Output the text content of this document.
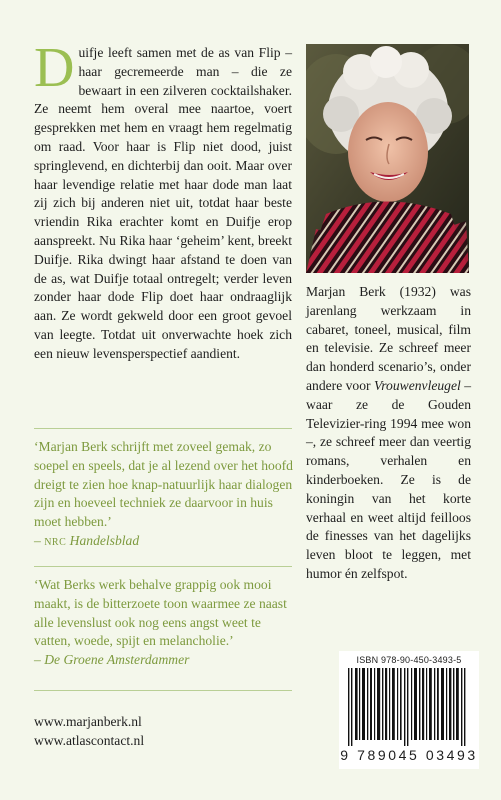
Duifje leeft samen met de as van Flip – haar gecremeerde man – die ze bewaart in een zilveren cocktailshaker. Ze neemt hem overal mee naartoe, voert gesprekken met hem en vraagt hem regelmatig om raad. Voor haar is Flip niet dood, juist springlevend, en dichterbij dan ooit. Maar over haar levendige relatie met haar dode man laat zij zich bij anderen niet uit, totdat haar beste vriendin Rika erachter komt en Duifje erop aanspreekt. Nu Rika haar ‘geheim’ kent, breekt Duifje. Rika dwingt haar afstand te doen van de as, wat Duifje totaal ontregelt; verder leven zonder haar dode Flip doet haar ondraaglijk aan. Ze wordt gekweld door een groot gevoel van leegte. Totdat uit onverwachte hoek zich een nieuw levensperspectief aandient.
‘Marjan Berk schrijft met zoveel gemak, zo soepel en speels, dat je al lezend over het hoofd dreigt te zien hoe knap-natuurlijk haar dialogen zijn en hoeveel techniek ze daarvoor in huis moet hebben.’
– nrc Handelsblad
‘Wat Berks werk behalve grappig ook mooi maakt, is de bitterzoete toon waarmee ze naast alle levenslust ook nog eens angst weet te vatten, woede, spijt en melancholie.’
– De Groene Amsterdammer
www.marjanberk.nl
www.atlascontact.nl
Marjan Berk (1932) was jarenlang werkzaam in cabaret, toneel, musical, film en televisie. Ze schreef meer dan honderd scenario’s, onder andere voor Vrouwenvleugel – waar ze de Gouden Televizier-ring 1994 mee won –, ze schreef meer dan veertig romans, verhalen en kinderboeken. Ze is de koningin van het korte verhaal en weet altijd feilloos de finesses van het dagelijks leven bloot te leggen, met humor én zelfspot.
ISBN 978-90-450-3493-5
9 789045 03493
